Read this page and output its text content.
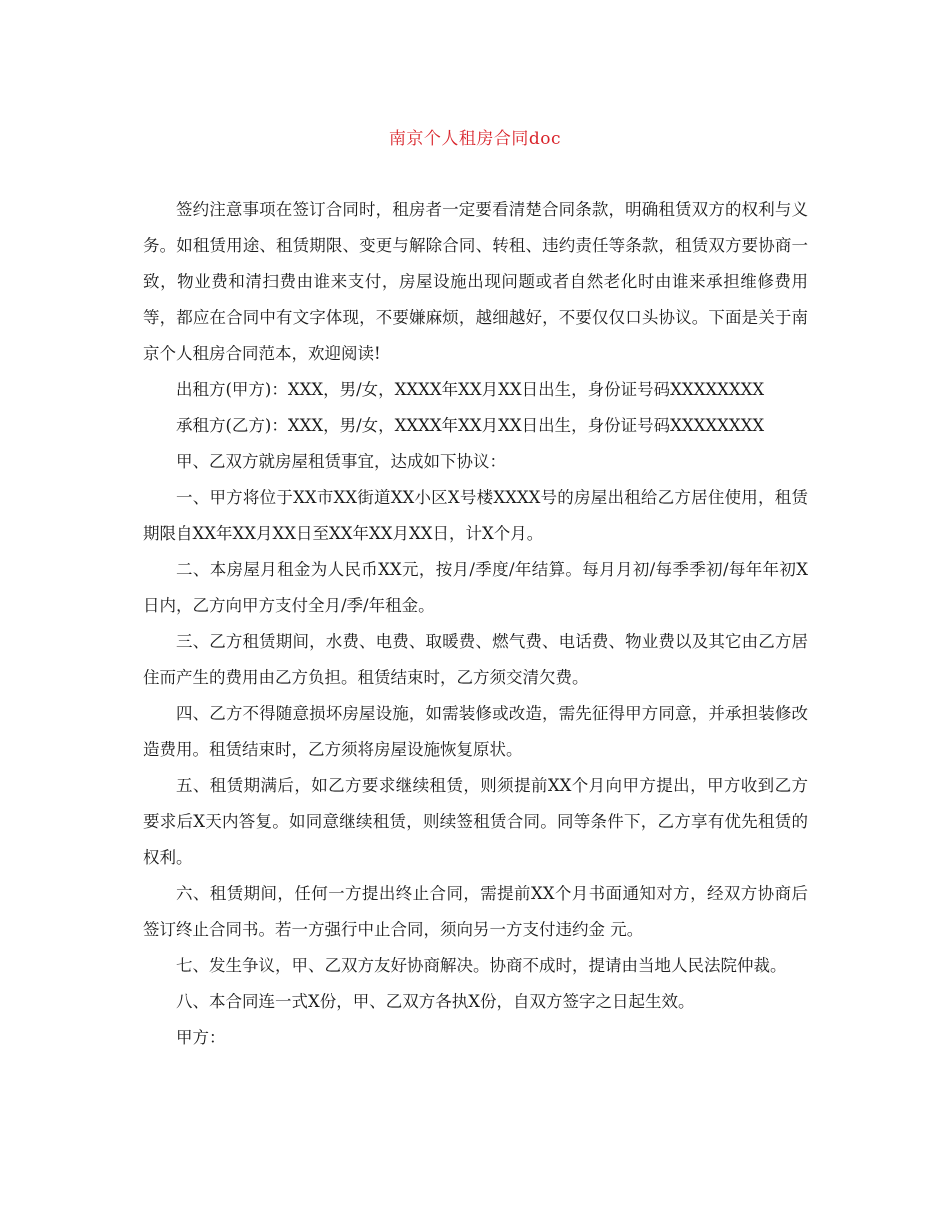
南京个人租房合同doc

签约注意事项在签订合同时，租房者一定要看清楚合同条款，明确租赁双方的权利与义务。如租赁用途、租赁期限、变更与解除合同、转租、违约责任等条款，租赁双方要协商一致，物业费和清扫费由谁来支付，房屋设施出现问题或者自然老化时由谁来承担维修费用等，都应在合同中有文字体现，不要嫌麻烦，越细越好，不要仅仅口头协议。下面是关于南京个人租房合同范本，欢迎阅读!

出租方(甲方)：XXX，男/女，XXXX年XX月XX日出生，身份证号码XXXXXXXX

承租方(乙方)：XXX，男/女，XXXX年XX月XX日出生，身份证号码XXXXXXXX

甲、乙双方就房屋租赁事宜，达成如下协议：

一、甲方将位于XX市XX街道XX小区X号楼XXXX号的房屋出租给乙方居住使用，租赁期限自XX年XX月XX日至XX年XX月XX日，计X个月。

二、本房屋月租金为人民币XX元，按月/季度/年结算。每月月初/每季季初/每年年初X日内，乙方向甲方支付全月/季/年租金。

三、乙方租赁期间，水费、电费、取暖费、燃气费、电话费、物业费以及其它由乙方居住而产生的费用由乙方负担。租赁结束时，乙方须交清欠费。

四、乙方不得随意损坏房屋设施，如需装修或改造，需先征得甲方同意，并承担装修改造费用。租赁结束时，乙方须将房屋设施恢复原状。

五、租赁期满后，如乙方要求继续租赁，则须提前XX个月向甲方提出，甲方收到乙方要求后X天内答复。如同意继续租赁，则续签租赁合同。同等条件下，乙方享有优先租赁的权利。

六、租赁期间，任何一方提出终止合同，需提前XX个月书面通知对方，经双方协商后签订终止合同书。若一方强行中止合同，须向另一方支付违约金 元。

七、发生争议，甲、乙双方友好协商解决。协商不成时，提请由当地人民法院仲裁。

八、本合同连一式X份，甲、乙双方各执X份，自双方签字之日起生效。

甲方：
